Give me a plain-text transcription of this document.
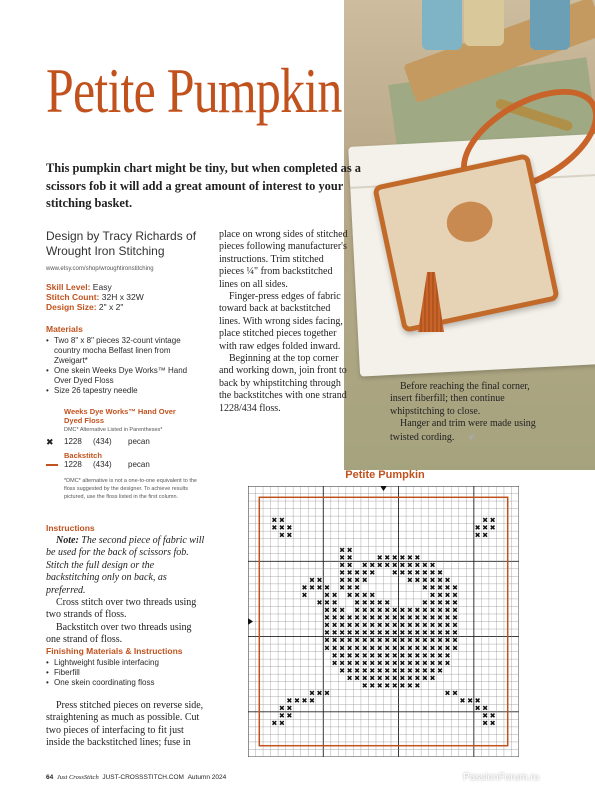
Petite Pumpkin
This pumpkin chart might be tiny, but when completed as a scissors fob it will add a great amount of interest to your stitching basket.
Design by Tracy Richards of Wrought Iron Stitching
www.etsy.com/shop/wroughtironstitching
Skill Level: Easy
Stitch Count: 32H x 32W
Design Size: 2" x 2"
Materials
• Two 8" x 8" pieces 32-count vintage country mocha Belfast linen from Zweigart*
• One skein Weeks Dye Works™ Hand Over Dyed Floss
• Size 26 tapestry needle
Weeks Dye Works™ Hand Over Dyed Floss
DMC* Alternative Listed in Parentheses*
✖	1228 (434) pecan
Backstitch
1228 (434) pecan
*DMC* alternative is not a one-to-one equivalent to the floss suggested by the designer. To achieve results pictured, use the floss listed in the first column.
Instructions

Note: The second piece of fabric will be used for the back of scissors fob. Stitch the full design or the backstitching only on back, as preferred.

Cross stitch over two threads using two strands of floss.

Backstitch over two threads using one strand of floss.

Finishing Materials & Instructions
• Lightweight fusible interfacing
• Fiberfill
• One skein coordinating floss

Press stitched pieces on reverse side, straightening as much as possible. Cut two pieces of interfacing to fit just inside the backstitched lines; fuse in

place on wrong sides of stitched pieces following manufacturer's instructions. Trim stitched pieces ¼" from backstitched lines on all sides.

Finger-press edges of fabric toward back at backstitched lines. With wrong sides facing, place stitched pieces together with raw edges folded inward.

Beginning at the top corner and working down, join front to back by whipstitching through the backstitches with one strand 1228/434 floss.

Before reaching the final corner, insert fiberfill; then continue whipstitching to close.

Hanger and trim were made using twisted cording. ❦

Petite Pumpkin
✖ ✖	✖ ✖
✖ ✖ ✖	✖ ✖ ✖
✖ ✖	✖ ✖
✖ ✖
✖ ✖	✖ ✖ ✖ ✖ ✖ ✖
✖ ✖ ✖ ✖ ✖ ✖ ✖ ✖ ✖ ✖ ✖ ✖
✖ ✖ ✖ ✖ ✖ ✖ ✖ ✖ ✖ ✖ ✖ ✖
✖ ✖ ✖ ✖ ✖ ✖	✖ ✖ ✖ ✖ ✖ ✖
✖ ✖ ✖ ✖ ✖ ✖ ✖	✖ ✖ ✖ ✖ ✖
✖ ✖ ✖ ✖ ✖ ✖ ✖	✖ ✖ ✖ ✖
✖ ✖ ✖ ✖ ✖ ✖ ✖ ✖	✖ ✖ ✖ ✖ ✖
✖ ✖ ✖ ✖ ✖ ✖ ✖ ✖ ✖ ✖ ✖ ✖ ✖ ✖ ✖ ✖ ✖
✖ ✖ ✖ ✖ ✖ ✖ ✖ ✖ ✖ ✖ ✖ ✖ ✖ ✖ ✖ ✖ ✖ ✖
✖ ✖ ✖ ✖ ✖ ✖ ✖ ✖ ✖ ✖ ✖ ✖ ✖ ✖ ✖ ✖ ✖ ✖
✖ ✖ ✖ ✖ ✖ ✖ ✖ ✖ ✖ ✖ ✖ ✖ ✖ ✖ ✖ ✖ ✖ ✖
✖ ✖ ✖ ✖ ✖ ✖ ✖ ✖ ✖ ✖ ✖ ✖ ✖ ✖ ✖ ✖ ✖ ✖
✖ ✖ ✖ ✖ ✖ ✖ ✖ ✖ ✖ ✖ ✖ ✖ ✖ ✖ ✖ ✖ ✖ ✖
✖ ✖ ✖ ✖ ✖ ✖ ✖ ✖ ✖ ✖ ✖ ✖ ✖ ✖ ✖ ✖
✖ ✖ ✖ ✖ ✖ ✖ ✖ ✖ ✖ ✖ ✖ ✖ ✖ ✖ ✖ ✖
✖ ✖ ✖ ✖ ✖ ✖ ✖ ✖ ✖ ✖ ✖ ✖ ✖ ✖
✖ ✖ ✖ ✖ ✖ ✖ ✖ ✖ ✖ ✖ ✖ ✖
✖ ✖ ✖ ✖ ✖ ✖ ✖ ✖
✖ ✖ ✖	✖ ✖
✖ ✖ ✖ ✖	✖ ✖ ✖
✖ ✖	✖ ✖
✖ ✖	✖ ✖
✖ ✖	✖ ✖
64 Just CrossStitch JUST-CROSSSTITCH.COM Autumn 2024	PassionForum.ru
